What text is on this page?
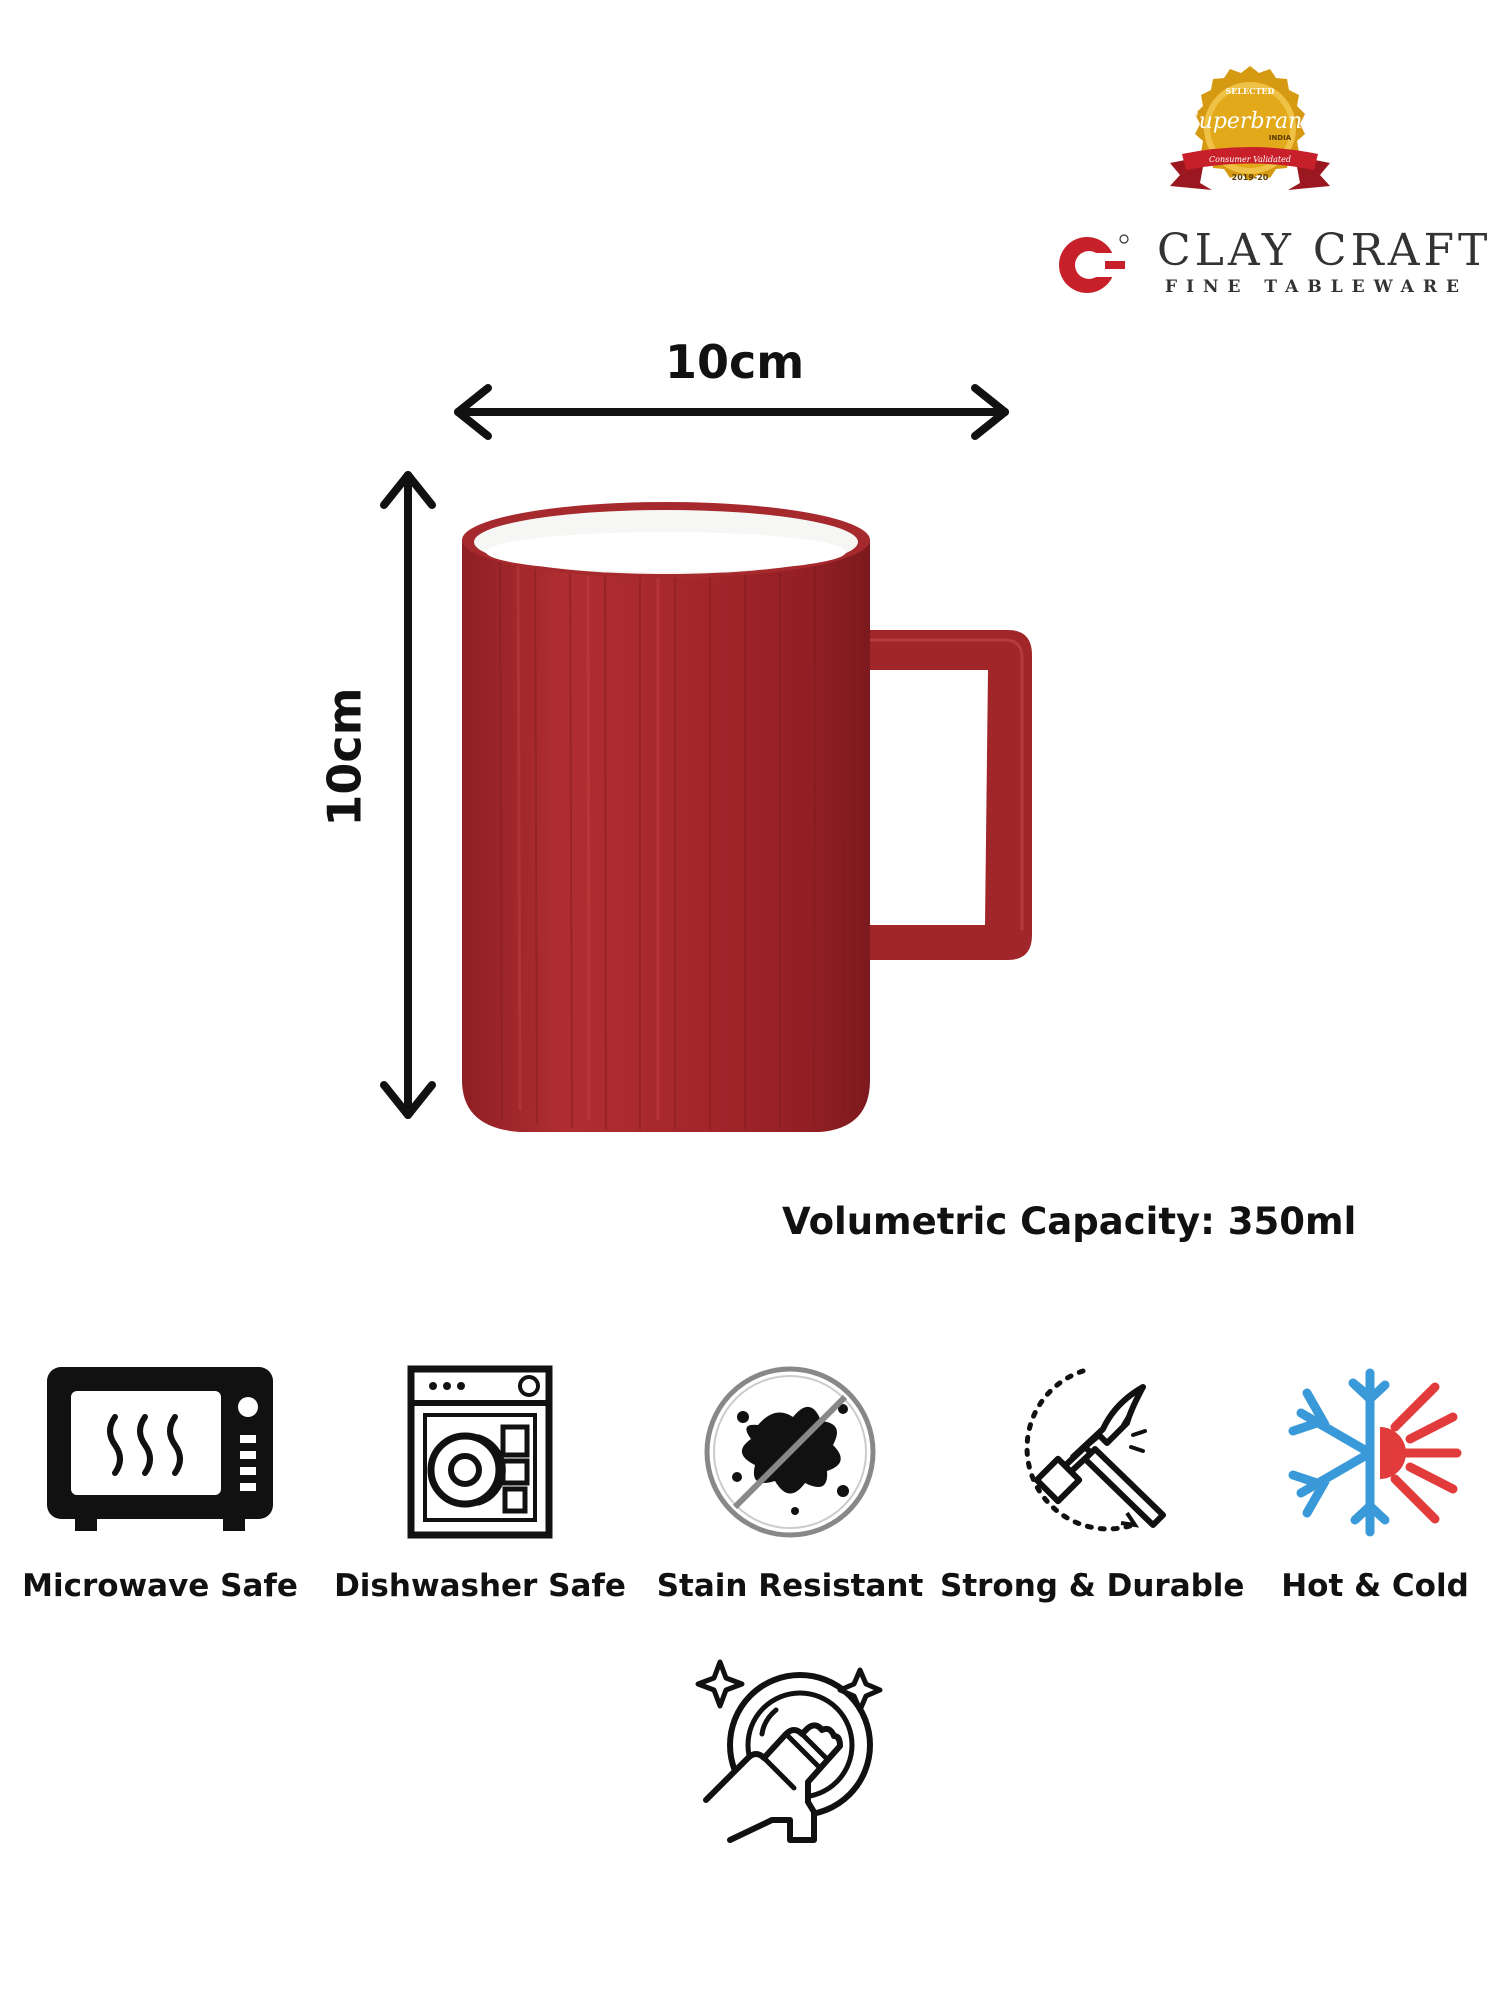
SELECTED
Superbrand
INDIA
Consumer Validated
2019-20
CLAY CRAFT
FINE TABLEWARE
10cm
10cm
Volumetric Capacity: 350ml
Microwave Safe	Dishwasher Safe Stain Resistant Strong & Durable	Hot & Cold
